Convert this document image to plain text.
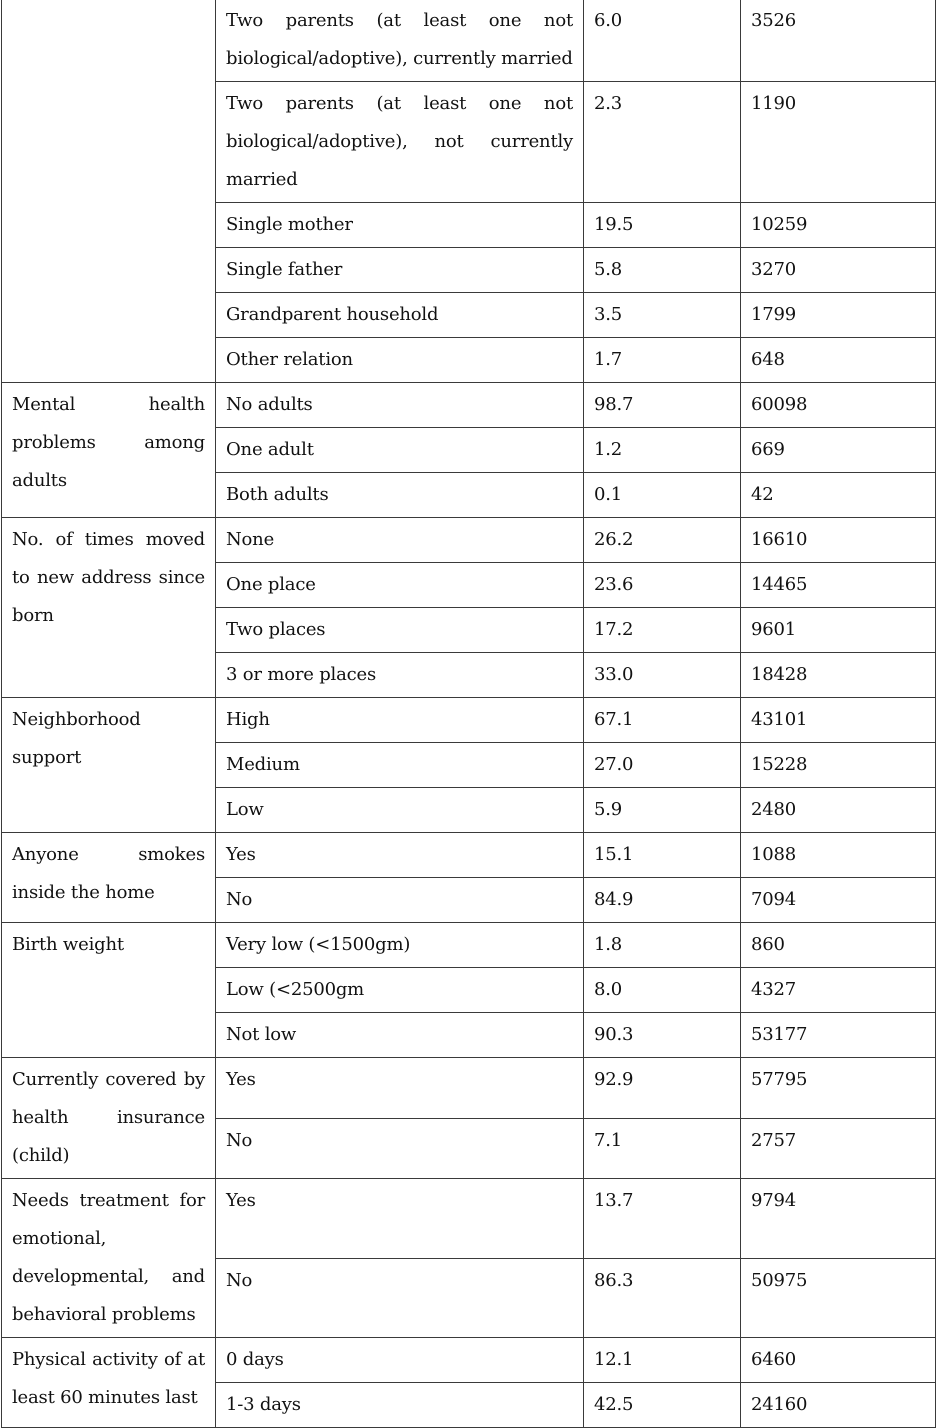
	Two parents (at least one not biological/adoptive), currently married	6.0	3526
	Two parents (at least one not biological/adoptive), not currently married	2.3	1190
	Single mother	19.5	10259
	Single father	5.8	3270
	Grandparent household	3.5	1799
	Other relation	1.7	648
Mental health problems among adults	No adults	98.7	60098
	One adult	1.2	669
	Both adults	0.1	42
No. of times moved to new address since born	None	26.2	16610
	One place	23.6	14465
	Two places	17.2	9601
	3 or more places	33.0	18428
Neighborhood support	High	67.1	43101
	Medium	27.0	15228
	Low	5.9	2480
Anyone smokes inside the home	Yes	15.1	1088
	No	84.9	7094
Birth weight	Very low (<1500gm)	1.8	860
	Low (<2500gm	8.0	4327
	Not low	90.3	53177
Currently covered by health insurance (child)	Yes	92.9	57795
	No	7.1	2757
Needs treatment for emotional, developmental, and behavioral problems	Yes	13.7	9794
	No	86.3	50975
Physical activity of at least 60 minutes last	0 days	12.1	6460
	1-3 days	42.5	24160
